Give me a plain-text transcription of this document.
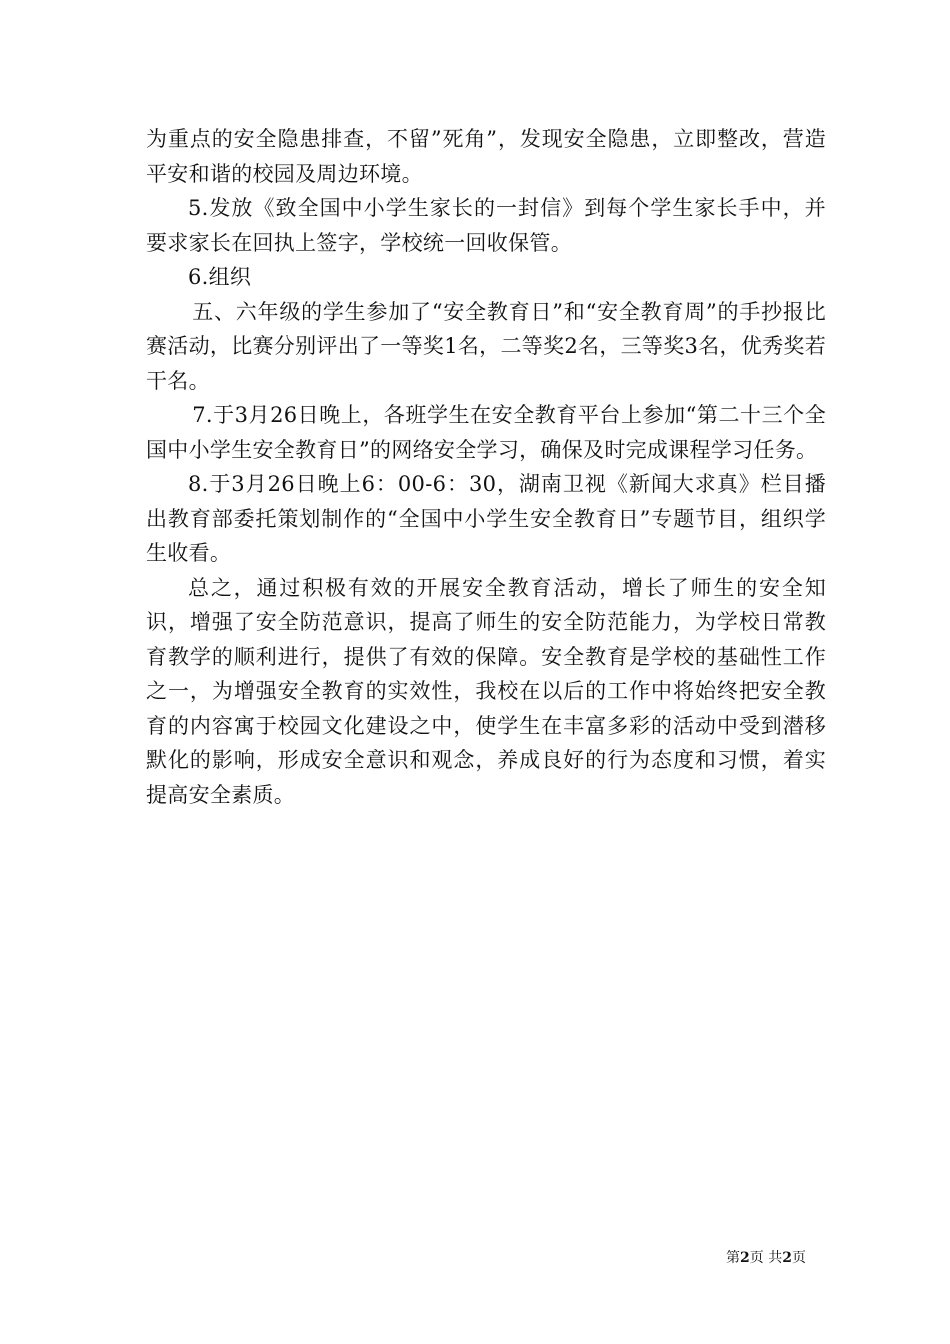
为重点的安全隐患排查，不留”死角”，发现安全隐患，立即整改，营造平安和谐的校园及周边环境。

5.发放《致全国中小学生家长的一封信》到每个学生家长手中，并要求家长在回执上签字，学校统一回收保管。

6.组织

五、六年级的学生参加了“安全教育日”和“安全教育周”的手抄报比赛活动，比赛分别评出了一等奖1名，二等奖2名，三等奖3名，优秀奖若干名。

7.于3月26日晚上，各班学生在安全教育平台上参加“第二十三个全国中小学生安全教育日”的网络安全学习，确保及时完成课程学习任务。

8.于3月26日晚上6：00-6：30，湖南卫视《新闻大求真》栏目播出教育部委托策划制作的“全国中小学生安全教育日”专题节目，组织学生收看。

总之，通过积极有效的开展安全教育活动，增长了师生的安全知识，增强了安全防范意识，提高了师生的安全防范能力，为学校日常教育教学的顺利进行，提供了有效的保障。安全教育是学校的基础性工作之一，为增强安全教育的实效性，我校在以后的工作中将始终把安全教育的内容寓于校园文化建设之中，使学生在丰富多彩的活动中受到潜移默化的影响，形成安全意识和观念，养成良好的行为态度和习惯，着实提高安全素质。

第2页 共2页
